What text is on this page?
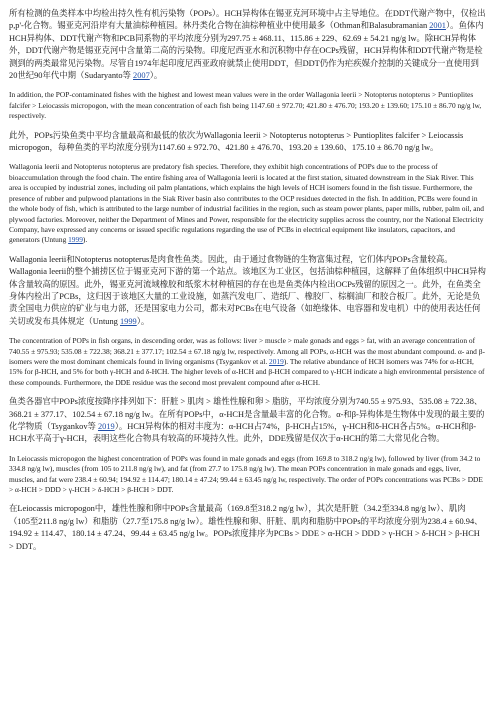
所有检测的鱼类样本中均检出持久性有机污染物（POPs）。HCH异构体在锡亚克河环境中占主导地位。在DDT代谢产物中，仅检出p,p'-化合物。锡亚克河沿岸有大量油棕种植园。林丹类化合物在油棕种植业中使用最多（Othman和Balasubramanian 2001）。鱼体内HCH异构体、DDT代谢产物和PCB同系物的平均浓度分别为297.75 ± 468.11、115.86 ± 229、62.69 ± 54.21 ng/g lw。除HCH异构体外，DDT代谢产物是锡亚克河中含量第二高的污染物。印度尼西亚水和沉积物中存在OCPs残留，HCH异构体和DDT代谢产物是检测到的两类最常见污染物。尽管自1974年起印度尼西亚政府就禁止使用DDT，但DDT仍作为疟疾媒介控制的关键成分一直使用到20世纪90年代中期（Sudaryanto等 2007）。

In addition, the POP-contaminated fishes with the highest and lowest mean values were in the order Wallagonia leerii > Notopterus notopterus > Puntioplites falcifer > Leiocassis micropogon, with the mean concentration of each fish being 1147.60 ± 972.70; 421.80 ± 476.70; 193.20 ± 139.60; 175.10 ± 86.70 ng/g lw, respectively.

此外，POPs污染鱼类中平均含量最高和最低的依次为Wallagonia leerii > Notopterus notopterus > Puntioplites falcifer > Leiocassis micropogon，每种鱼类的平均浓度分别为1147.60 ± 972.70、421.80 ± 476.70、193.20 ± 139.60、175.10 ± 86.70 ng/g lw。

Wallagonia leerii and Notopterus notopterus are predatory fish species. Therefore, they exhibit high concentrations of POPs due to the process of bioaccumulation through the food chain. The entire fishing area of Wallagonia leerii is located at the first station, situated downstream in the Siak River. This area is occupied by industrial zones, including oil palm plantations, which explains the high levels of HCH isomers found in the fish tissue. Furthermore, the presence of rubber and pulpwood plantations in the Siak River basin also contributes to the OCP residues detected in the fish. In addition, PCBs were found in the whole body of fish, which is attributed to the large number of industrial facilities in the region, such as steam power plants, paper mills, rubber, palm oil, and plywood factories. Moreover, neither the Department of Mines and Power, responsible for the electricity supplies across the country, nor the National Electricity Company, have expressed any concerns or issued specific regulations regarding the use of PCBs in electrical equipment like insulators, capacitors, and generators (Untung 1999).

Wallagonia leerii和Notopterus notopterus是肉食性鱼类。因此，由于通过食物链的生物富集过程，它们体内POPs含量较高。Wallagonia leerii的整个捕捞区位于锡亚克河下游的第一个站点。该地区为工业区，包括油棕种植园，这解释了鱼体组织中HCH异构体含量较高的原因。此外，锡亚克河流域橡胶和纸浆木材种植园的存在也是鱼类体内检出OCPs残留的原因之一。此外，在鱼类全身体内检出了PCBs，这归因于该地区大量的工业设施，如蒸汽发电厂、造纸厂、橡胶厂、棕榈油厂和胶合板厂。此外，无论是负责全国电力供应的矿业与电力部，还是国家电力公司，都未对PCBs在电气设备（如绝缘体、电容器和发电机）中的使用表达任何关切或发布具体规定（Untung 1999）。

The concentration of POPs in fish organs, in descending order, was as follows: liver > muscle > male gonads and eggs > fat, with an average concentration of 740.55 ± 975.93; 535.08 ± 722.38; 368.21 ± 377.17; 102.54 ± 67.18 ng/g lw, respectively. Among all POPs, α-HCH was the most abundant compound. α- and β-isomers were the most dominant chemicals found in living organisms (Tsygankov et al. 2019). The relative abundance of HCH isomers was 74% for α-HCH, 15% for β-HCH, and 5% for both γ-HCH and δ-HCH. The higher levels of α-HCH and β-HCH compared to γ-HCH indicate a high environmental persistence of these compounds. Furthermore, the DDE residue was the second most prevalent compound after α-HCH.

鱼类各器官中POPs浓度按降序排列如下：肝脏 > 肌肉 > 雄性性腺和卵 > 脂肪，平均浓度分别为740.55 ± 975.93、535.08 ± 722.38、368.21 ± 377.17、102.54 ± 67.18 ng/g lw。在所有POPs中，α-HCH是含量最丰富的化合物。α-和β-异构体是生物体中发现的最主要的化学物质（Tsygankov等 2019）。HCH异构体的相对丰度为：α-HCH占74%，β-HCH占15%，γ-HCH和δ-HCH各占5%。α-HCH和β-HCH水平高于γ-HCH，表明这些化合物具有较高的环境持久性。此外，DDE残留是仅次于α-HCH的第二大常见化合物。

In Leiocassis micropogon the highest concentration of POPs was found in male gonads and eggs (from 169.8 to 318.2 ng/g lw), followed by liver (from 34.2 to 334.8 ng/g lw), muscles (from 105 to 211.8 ng/g lw), and fat (from 27.7 to 175.8 ng/g lw). The mean POPs concentration in male gonads and eggs, liver, muscles, and fat were 238.4 ± 60.94; 194.92 ± 114.47; 180.14 ± 47.24; 99.44 ± 63.45 ng/g lw, respectively. The order of POPs concentrations was PCBs > DDE > α-HCH > DDD > γ-HCH > δ-HCH > β-HCH > DDT.

在Leiocassis micropogon中，雄性性腺和卵中POPs含量最高（169.8至318.2 ng/g lw），其次是肝脏（34.2至334.8 ng/g lw）、肌肉（105至211.8 ng/g lw）和脂肪（27.7至175.8 ng/g lw）。雄性性腺和卵、肝脏、肌肉和脂肪中POPs的平均浓度分别为238.4 ± 60.94、194.92 ± 114.47、180.14 ± 47.24、99.44 ± 63.45 ng/g lw。POPs浓度排序为PCBs > DDE > α-HCH > DDD > γ-HCH > δ-HCH > β-HCH > DDT。
